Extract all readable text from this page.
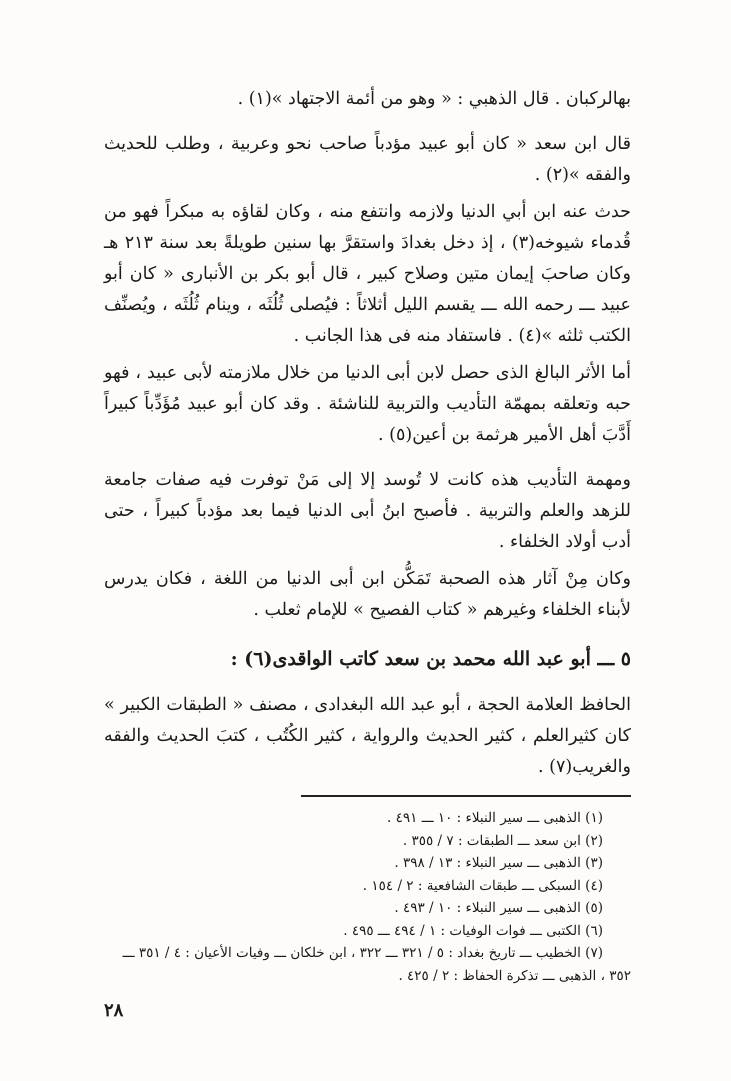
بهالركبان . قال الذهبي : « وهو من أئمة الاجتهاد »(١) .

قال ابن سعد « كان أبو عبيد مؤدباً صاحب نحو وعربية ، وطلب للحديث والفقه »(٢) .

حدث عنه ابن أبي الدنيا ولازمه وانتفع منه ، وكان لقاؤه به مبكراً فهو من قُدماء شيوخه(٣) ، إذ دخل بغدادَ واستقرَّ بها سنين طويلةً بعد سنة ٢١٣ هـ وكان صاحبَ إيمان متين وصلاح كبير ، قال أبو بكر بن الأنبارى « كان أبو عبيد ـــ رحمه الله ـــ يقسم الليل أثلاثاً : فيُصلى ثُلُثَه ، وينام ثُلُثَه ، ويُصنِّف الكتب ثلثه »(٤) . فاستفاد منه فى هذا الجانب .

أما الأثر البالغ الذى حصل لابن أبى الدنيا من خلال ملازمته لأبى عبيد ، فهو حبه وتعلقه بمهمّة التأديب والتربية للناشئة . وقد كان أبو عبيد مُؤَدِّباً كبيراً أَدَّبَ أهل الأمير هرثمة بن أعين(٥) .

ومهمة التأديب هذه كانت لا تُوسد إلا إلى مَنْ توفرت فيه صفات جامعة للزهد والعلم والتربية . فأصبح ابنُ أبى الدنيا فيما بعد مؤدباً كبيراً ، حتى أدب أولاد الخلفاء .

وكان مِنْ آثار هذه الصحبة تَمَكُّن ابن أبى الدنيا من اللغة ، فكان يدرس لأبناء الخلفاء وغيرهم « كتاب الفصيح » للإمام ثعلب .

٥ ـــ أبو عبد الله محمد بن سعد كاتب الواقدى(٦) :

الحافظ العلامة الحجة ، أبو عبد الله البغدادى ، مصنف « الطبقات الكبير » كان كثيرالعلم ، كثير الحديث والرواية ، كثير الكُتُب ، كتبَ الحديث والفقه والغريب(٧) .

(١) الذهبى ـــ سير النبلاء : ١٠ ـــ ٤٩١ .
(٢) ابن سعد ـــ الطبقات : ٧ / ٣٥٥ .
(٣) الذهبى ـــ سير النبلاء : ١٣ / ٣٩٨ .
(٤) السبكى ـــ طبقات الشافعية : ٢ / ١٥٤ .
(٥) الذهبى ـــ سير النبلاء : ١٠ / ٤٩٣ .
(٦) الكتبى ـــ فوات الوفيات : ١ / ٤٩٤ ـــ ٤٩٥ .
(٧) الخطيب ـــ تاريخ بغداد : ٥ / ٣٢١ ـــ ٣٢٢ ، ابن خلكان ـــ وفيات الأعيان : ٤ / ٣٥١ ـــ ٣٥٢ ، الذهبى ـــ تذكرة الحفاظ : ٢ / ٤٢٥ .
٢٨
